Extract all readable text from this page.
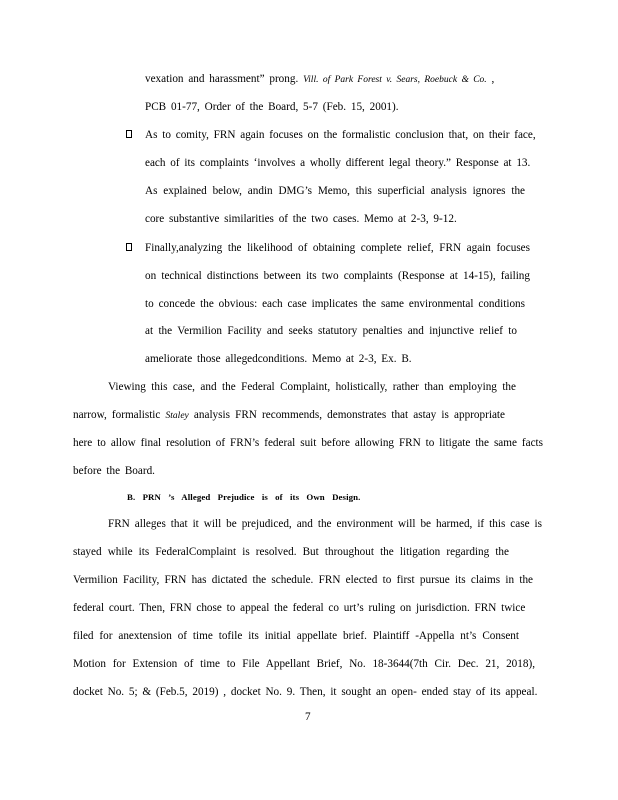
vexation and harassment” prong. Vill. of Park Forest v. Sears, Roebuck & Co. ,
PCB 01-77, Order of the Board, 5-7 (Feb. 15, 2001).
As to comity, FRN again focuses on the formalistic conclusion that, on their face,
each of its complaints ‘involves a wholly different legal theory.” Response at 13.
As explained below, andin DMG’s Memo, this superficial analysis ignores the
core substantive similarities of the two cases. Memo at 2-3, 9-12.
Finally,analyzing the likelihood of obtaining complete relief, FRN again focuses
on technical distinctions between its two complaints (Response at 14-15), failing
to concede the obvious: each case implicates the same environmental conditions
at the Vermilion Facility and seeks statutory penalties and injunctive relief to
ameliorate those allegedconditions. Memo at 2-3, Ex. B.
Viewing this case, and the Federal Complaint, holistically, rather than employing the
narrow, formalistic Staley analysis FRN recommends, demonstrates that astay is appropriate
here to allow final resolution of FRN’s federal suit before allowing FRN to litigate the same facts
before the Board.
B. PRN ’s Alleged Prejudice is of its Own Design.
FRN alleges that it will be prejudiced, and the environment will be harmed, if this case is
stayed while its FederalComplaint is resolved. But throughout the litigation regarding the
Vermilion Facility, FRN has dictated the schedule. FRN elected to first pursue its claims in the
federal court. Then, FRN chose to appeal the federal co urt’s ruling on jurisdiction. FRN twice
filed for anextension of time tofile its initial appellate brief. Plaintiff -Appella nt’s Consent
Motion for Extension of time to File Appellant Brief, No. 18-3644(7th Cir. Dec. 21, 2018),
docket No. 5; & (Feb.5, 2019) , docket No. 9. Then, it sought an open- ended stay of its appeal.
7
